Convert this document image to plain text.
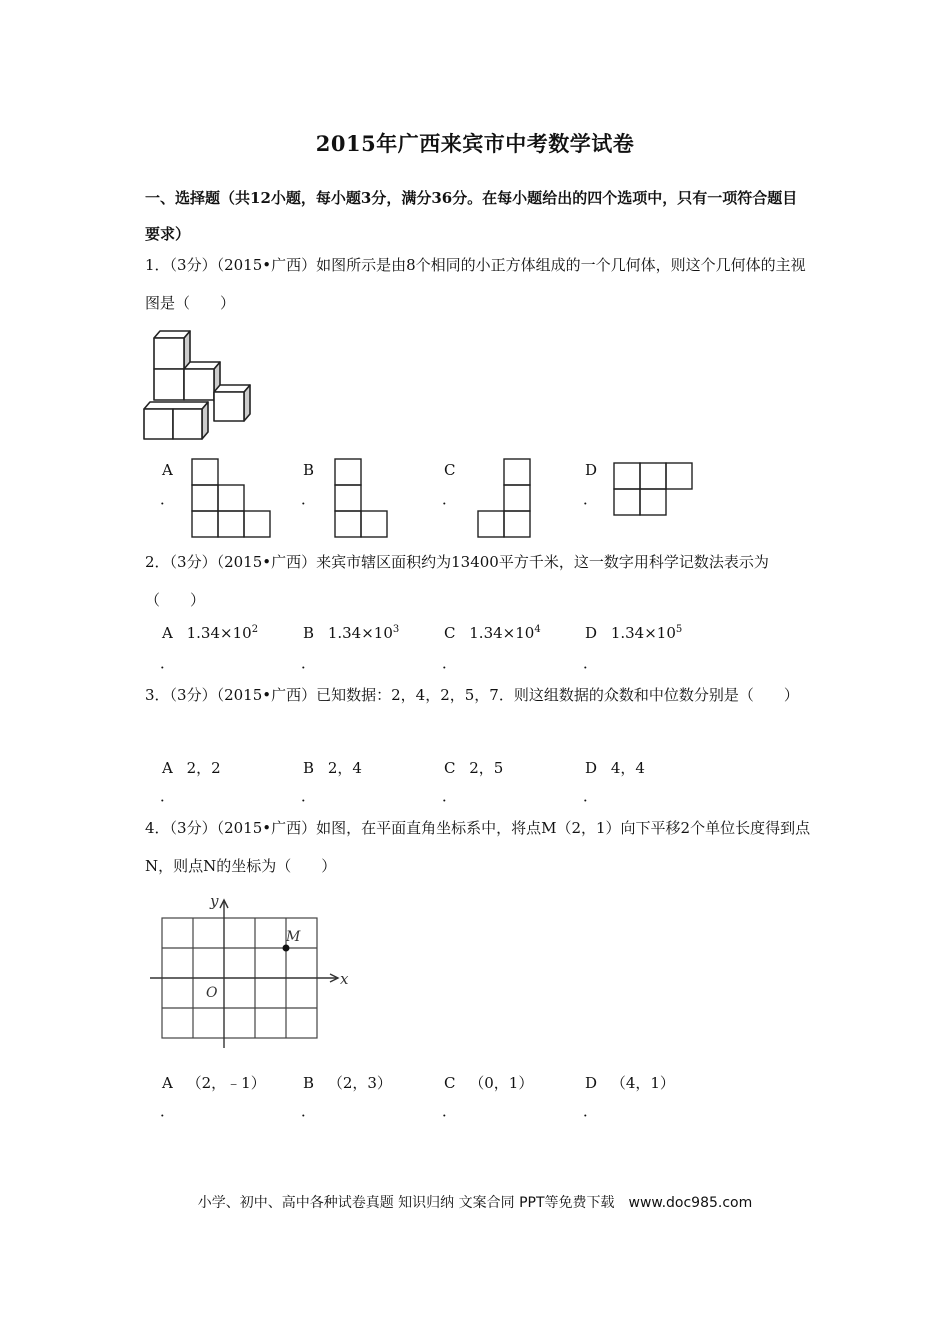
2015年广西来宾市中考数学试卷
一、选择题（共12小题，每小题3分，满分36分。在每小题给出的四个选项中，只有一项符合题目要求）
1．（3分）（2015•广西）如图所示是由8个相同的小正方体组成的一个几何体，则这个几何体的主视图是（　　）
A
．
B
．
C
．
D
．
2．（3分）（2015•广西）来宾市辖区面积约为13400平方千米，这一数字用科学记数法表示为（　　）
A $1.34\times 10^2$
．
B $1.34\times 10^3$
．
C $1.34\times 10^4$
．
D $1.34\times 10^5$
．
3．（3分）（2015•广西）已知数据：2，4，2，5，7．则这组数据的众数和中位数分别是（　　）
A 2，2
．
B 2，4
．
C 2，5
．
D 4，4
．
4．（3分）（2015•广西）如图，在平面直角坐标系中，将点M（2，1）向下平移2个单位长度得到点N，则点N的坐标为（　　）
y
x
O
M
A （2，﹣1）
．
B （2，3）
．
C （0，1）
．
D （4，1）
．
小学、初中、高中各种试卷真题 知识归纳 文案合同 PPT等免费下载　www.doc985.com
